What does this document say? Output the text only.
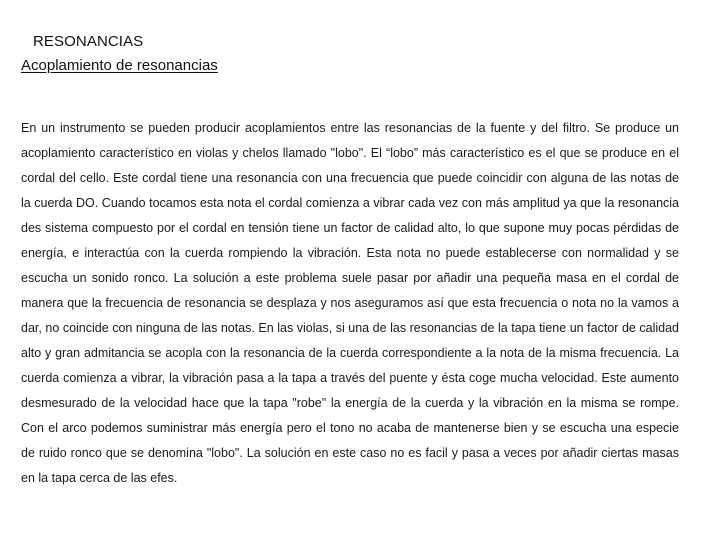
RESONANCIAS
Acoplamiento de resonancias

En un instrumento se pueden producir acoplamientos entre las resonancias de la fuente y del filtro. Se produce un acoplamiento característico en violas y chelos llamado "lobo". El “lobo” más característico es el que se produce en el cordal del cello. Este cordal tiene una resonancia con una frecuencia que puede coincidir con alguna de las notas de la cuerda DO. Cuando tocamos esta nota el cordal comienza a vibrar cada vez con más amplitud ya que la resonancia des sistema compuesto por el cordal en tensión tiene un factor de calidad alto, lo que supone muy pocas pérdidas de energía, e interactúa con la cuerda rompiendo la vibración. Esta nota no puede establecerse con normalidad y se escucha un sonido ronco. La solución a este problema suele pasar por añadir una pequeña masa en el cordal de manera que la frecuencia de resonancia se desplaza y nos aseguramos así que esta frecuencia o nota no la vamos a dar, no coincide con ninguna de las notas. En las violas, si una de las resonancias de la tapa tiene un factor de calidad alto y gran admitancia se acopla con la resonancia de la cuerda correspondiente a la nota de la misma frecuencia. La cuerda comienza a vibrar, la vibración pasa a la tapa a través del puente y ésta coge mucha velocidad. Este aumento desmesurado de la velocidad hace que la tapa "robe" la energía de la cuerda y la vibración en la misma se rompe. Con el arco podemos suministrar más energía pero el tono no acaba de mantenerse bien y se escucha una especie de ruido ronco que se denomina "lobo". La solución en este caso no es facil y pasa a veces por añadir ciertas masas en la tapa cerca de las efes.
